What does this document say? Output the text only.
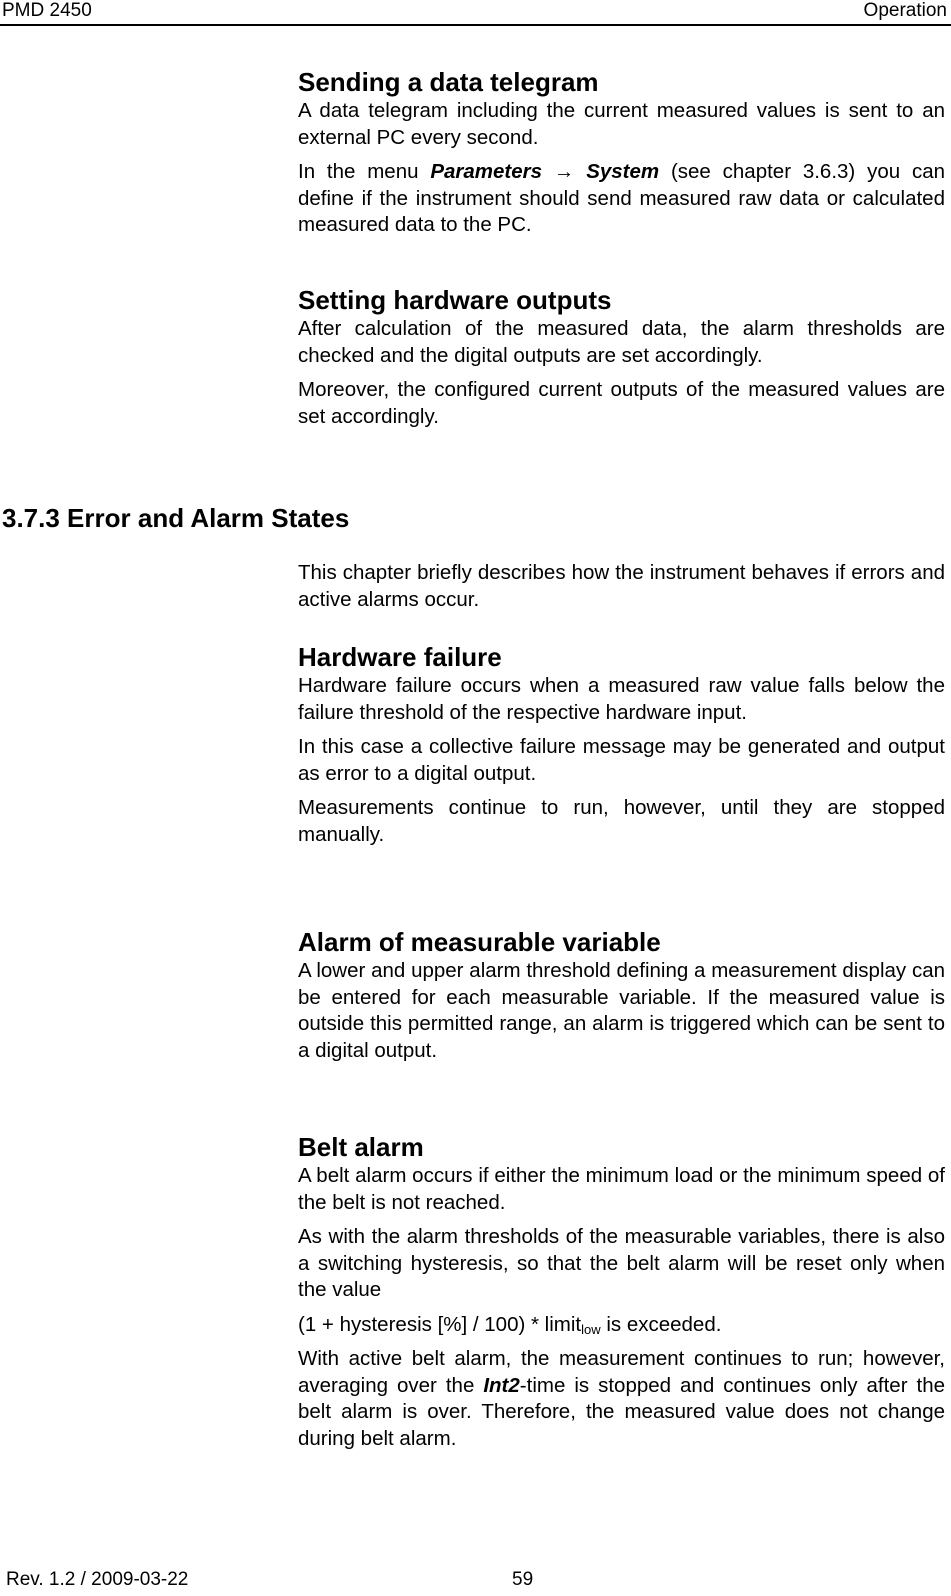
PMD 2450	Operation
Sending a data telegram

A data telegram including the current measured values is sent to an external PC every second.

In the menu Parameters → System (see chapter 3.6.3) you can define if the instrument should send measured raw data or calculated measured data to the PC.

Setting hardware outputs

After calculation of the measured data, the alarm thresholds are checked and the digital outputs are set accordingly.

Moreover, the configured current outputs of the measured values are set accordingly.

3.7.3 Error and Alarm States

This chapter briefly describes how the instrument behaves if errors and active alarms occur.

Hardware failure

Hardware failure occurs when a measured raw value falls below the failure threshold of the respective hardware input.

In this case a collective failure message may be generated and output as error to a digital output.

Measurements continue to run, however, until they are stopped manually.

Alarm of measurable variable

A lower and upper alarm threshold defining a measurement display can be entered for each measurable variable. If the measured value is outside this permitted range, an alarm is triggered which can be sent to a digital output.

Belt alarm

A belt alarm occurs if either the minimum load or the minimum speed of the belt is not reached.

As with the alarm thresholds of the measurable variables, there is also a switching hysteresis, so that the belt alarm will be reset only when the value

(1 + hysteresis [%] / 100) * limit$_{low}$ is exceeded.

With active belt alarm, the measurement continues to run; however, averaging over the Int2-time is stopped and continues only after the belt alarm is over. Therefore, the measured value does not change during belt alarm.

Rev. 1.2 / 2009-03-22	59
